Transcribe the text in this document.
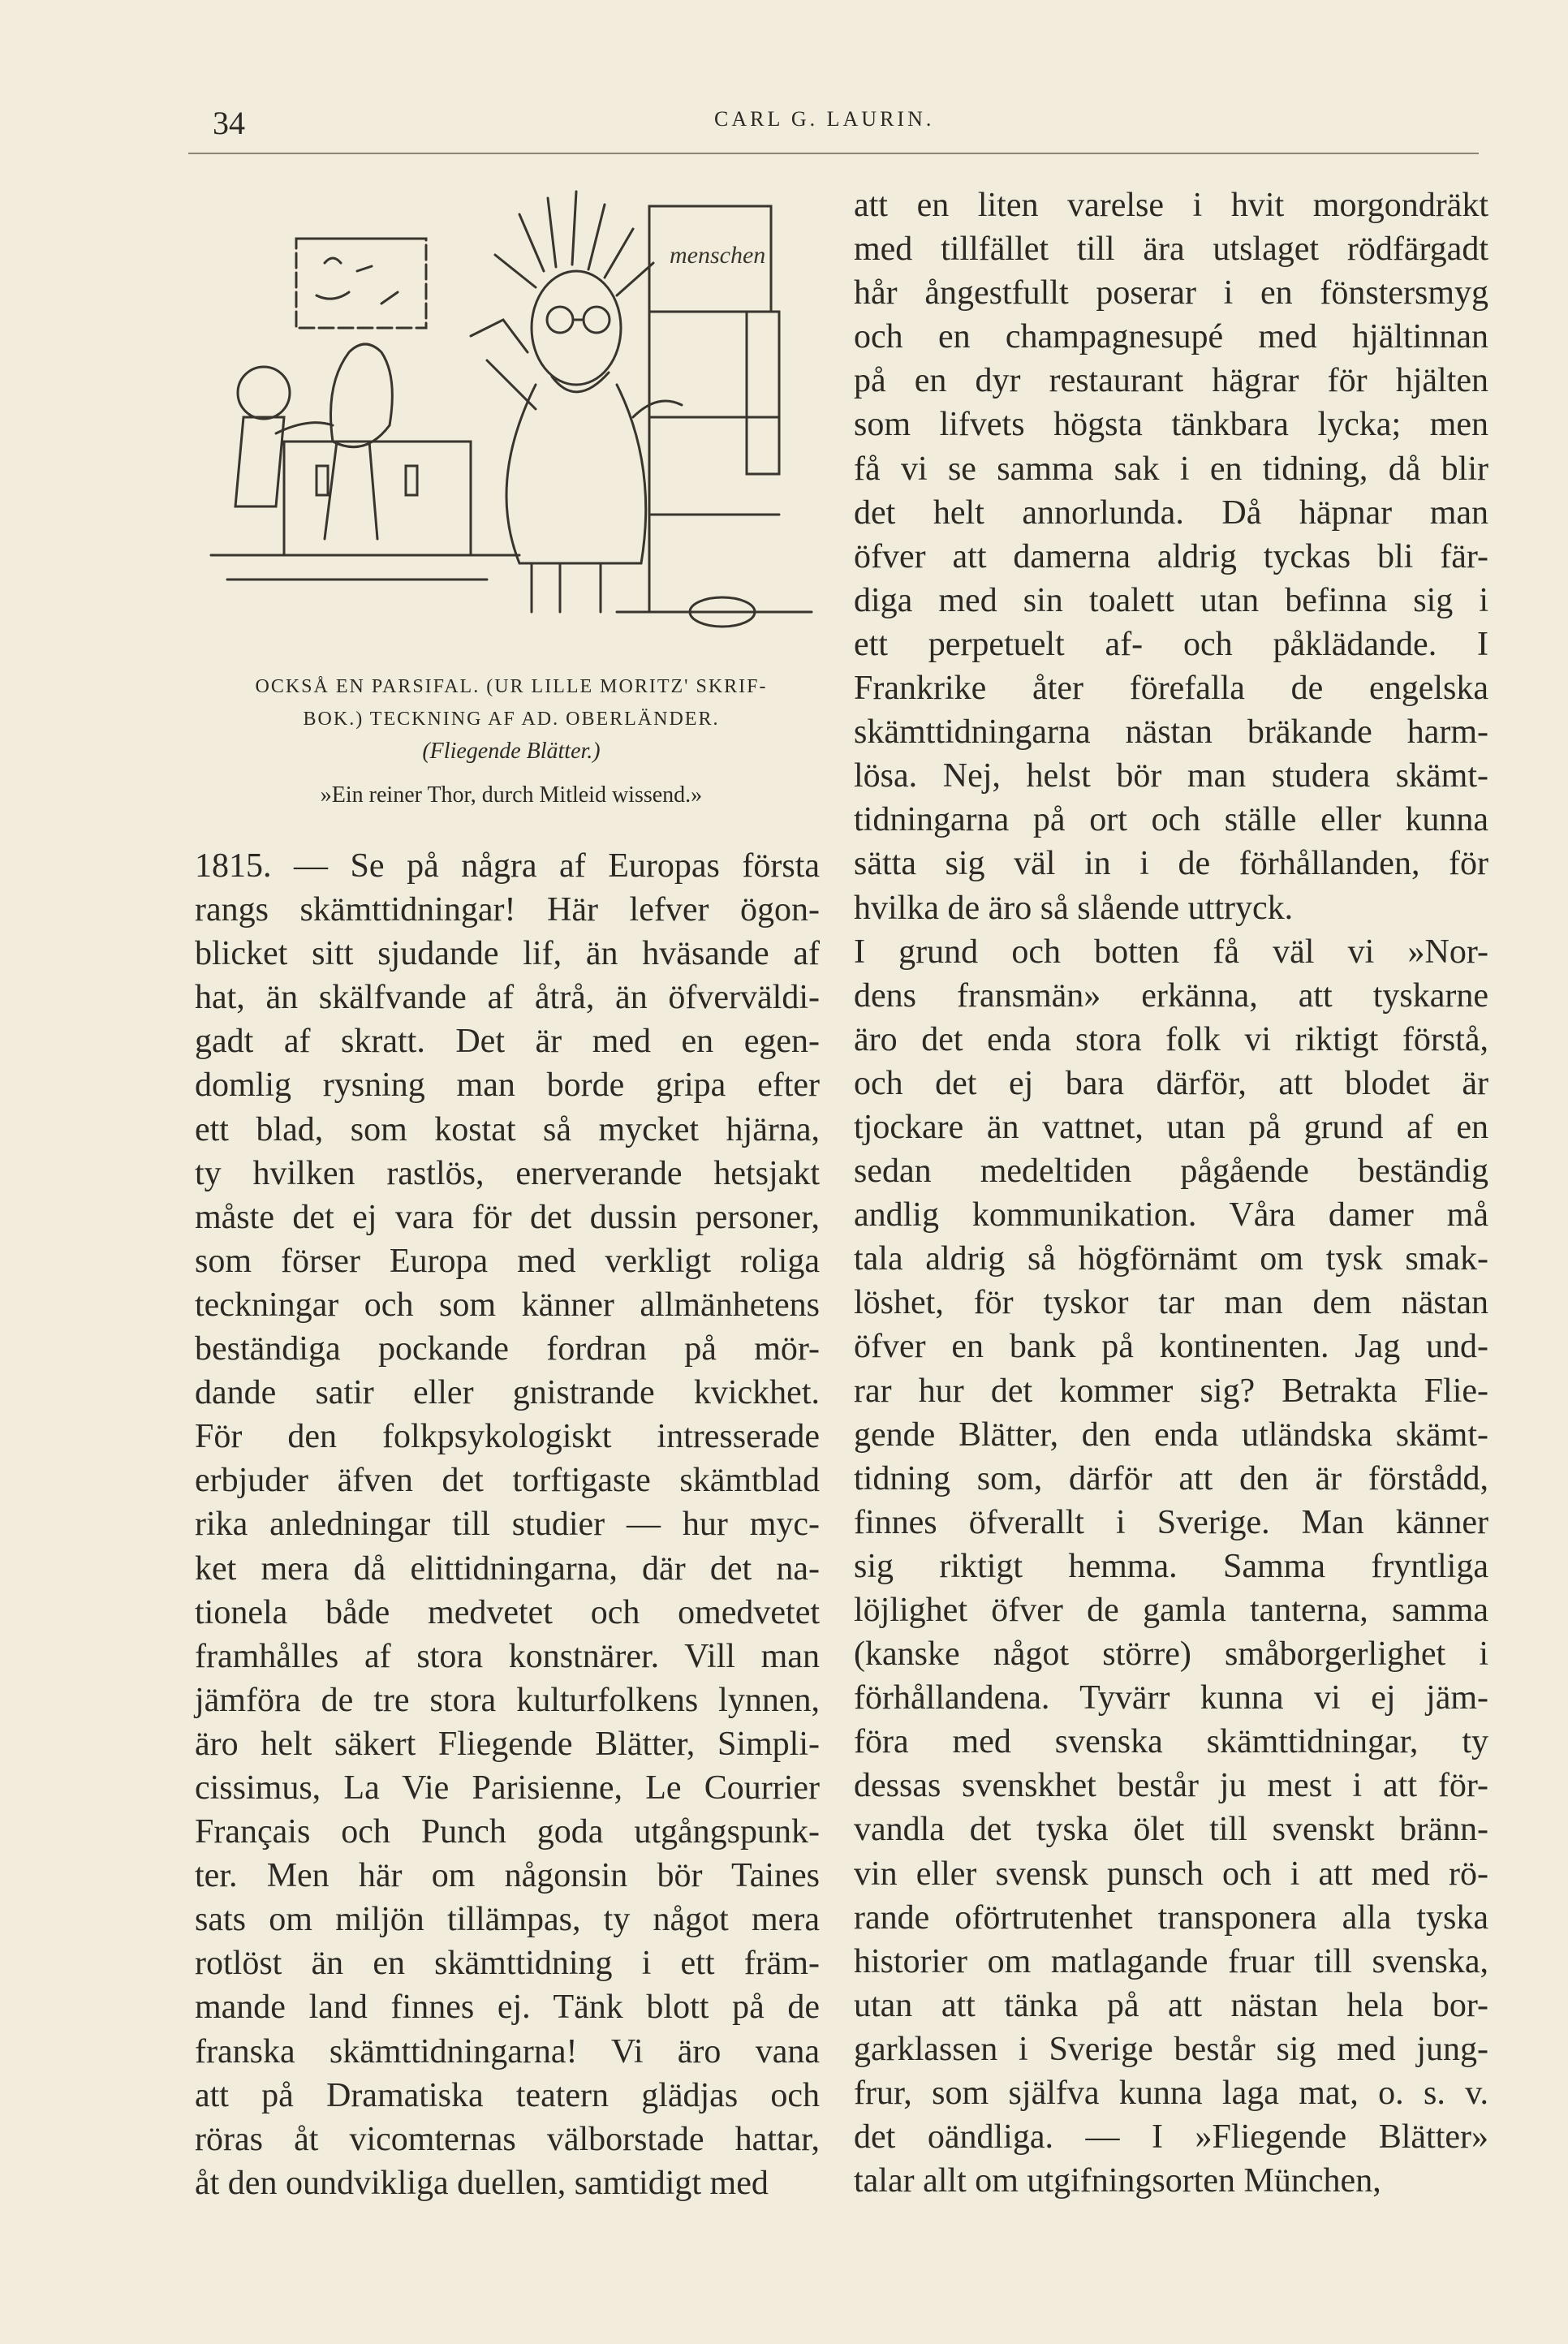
34	CARL G. LAURIN.
menschen
OCKSÅ EN PARSIFAL. (UR LILLE MORITZ' SKRIF-
BOK.) TECKNING AF AD. OBERLÄNDER.
(Fliegende Blätter.)
»Ein reiner Thor, durch Mitleid wissend.»
1815. — Se på några af Europas första
rangs skämttidningar! Här lefver ögon-
blicket sitt sjudande lif, än hväsande af
hat, än skälfvande af åtrå, än öfverväldi-
gadt af skratt. Det är med en egen-
domlig rysning man borde gripa efter
ett blad, som kostat så mycket hjärna,
ty hvilken rastlös, enerverande hetsjakt
måste det ej vara för det dussin personer,
som förser Europa med verkligt roliga
teckningar och som känner allmänhetens
beständiga pockande fordran på mör-
dande satir eller gnistrande kvickhet.
För den folkpsykologiskt intresserade
erbjuder äfven det torftigaste skämtblad
rika anledningar till studier — hur myc-
ket mera då elittidningarna, där det na-
tionela både medvetet och omedvetet
framhålles af stora konstnärer. Vill man
jämföra de tre stora kulturfolkens lynnen,
äro helt säkert Fliegende Blätter, Simpli-
cissimus, La Vie Parisienne, Le Courrier
Français och Punch goda utgångspunk-
ter. Men här om någonsin bör Taines
sats om miljön tillämpas, ty något mera
rotlöst än en skämttidning i ett främ-
mande land finnes ej. Tänk blott på de
franska skämttidningarna! Vi äro vana
att på Dramatiska teatern glädjas och
röras åt vicomternas välborstade hattar,
åt den oundvikliga duellen, samtidigt med
att en liten varelse i hvit morgondräkt
med tillfället till ära utslaget rödfärgadt
hår ångestfullt poserar i en fönstersmyg
och en champagnesupé med hjältinnan
på en dyr restaurant hägrar för hjälten
som lifvets högsta tänkbara lycka; men
få vi se samma sak i en tidning, då blir
det helt annorlunda. Då häpnar man
öfver att damerna aldrig tyckas bli fär-
diga med sin toalett utan befinna sig i
ett perpetuelt af- och påklädande. I
Frankrike åter förefalla de engelska
skämttidningarna nästan bräkande harm-
lösa. Nej, helst bör man studera skämt-
tidningarna på ort och ställe eller kunna
sätta sig väl in i de förhållanden, för
hvilka de äro så slående uttryck.
I grund och botten få väl vi »Nor-
dens fransmän» erkänna, att tyskarne
äro det enda stora folk vi riktigt förstå,
och det ej bara därför, att blodet är
tjockare än vattnet, utan på grund af en
sedan medeltiden pågående beständig
andlig kommunikation. Våra damer må
tala aldrig så högförnämt om tysk smak-
löshet, för tyskor tar man dem nästan
öfver en bank på kontinenten. Jag und-
rar hur det kommer sig? Betrakta Flie-
gende Blätter, den enda utländska skämt-
tidning som, därför att den är förstådd,
finnes öfverallt i Sverige. Man känner
sig riktigt hemma. Samma fryntliga
löjlighet öfver de gamla tanterna, samma
(kanske något större) småborgerlighet i
förhållandena. Tyvärr kunna vi ej jäm-
föra med svenska skämttidningar, ty
dessas svenskhet består ju mest i att för-
vandla det tyska ölet till svenskt bränn-
vin eller svensk punsch och i att med rö-
rande oförtrutenhet transponera alla tyska
historier om matlagande fruar till svenska,
utan att tänka på att nästan hela bor-
garklassen i Sverige består sig med jung-
frur, som själfva kunna laga mat, o. s. v.
det oändliga. — I »Fliegende Blätter»
talar allt om utgifningsorten München,
